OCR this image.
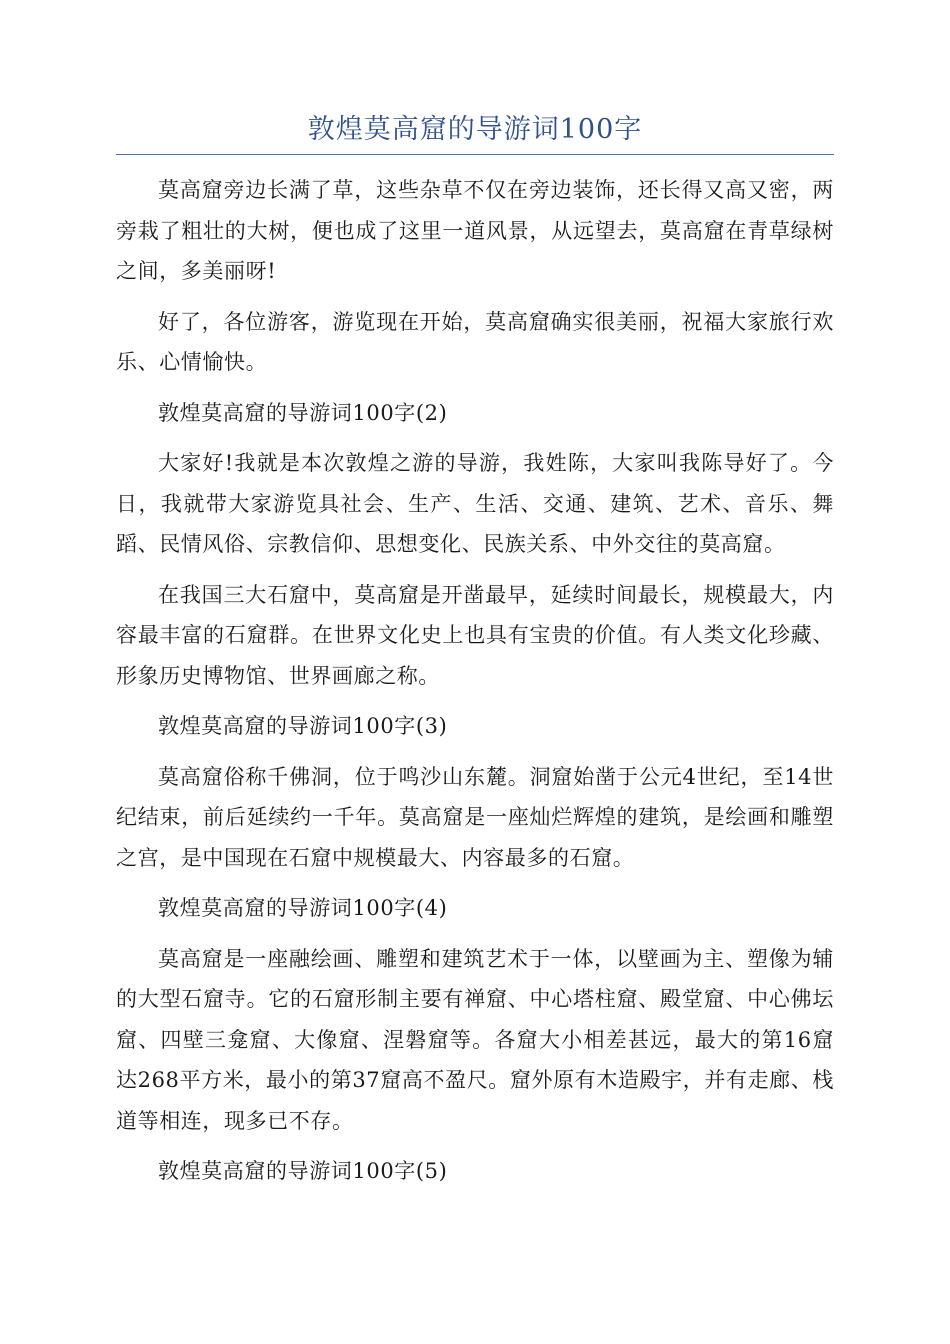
敦煌莫高窟的导游词100字

莫高窟旁边长满了草，这些杂草不仅在旁边装饰，还长得又高又密，两旁栽了粗壮的大树，便也成了这里一道风景，从远望去，莫高窟在青草绿树之间，多美丽呀!

好了，各位游客，游览现在开始，莫高窟确实很美丽，祝福大家旅行欢乐、心情愉快。

敦煌莫高窟的导游词100字(2)

大家好!我就是本次敦煌之游的导游，我姓陈，大家叫我陈导好了。今日，我就带大家游览具社会、生产、生活、交通、建筑、艺术、音乐、舞蹈、民情风俗、宗教信仰、思想变化、民族关系、中外交往的莫高窟。

在我国三大石窟中，莫高窟是开凿最早，延续时间最长，规模最大，内容最丰富的石窟群。在世界文化史上也具有宝贵的价值。有人类文化珍藏、形象历史博物馆、世界画廊之称。

敦煌莫高窟的导游词100字(3)

莫高窟俗称千佛洞，位于鸣沙山东麓。洞窟始凿于公元4世纪，至14世纪结束，前后延续约一千年。莫高窟是一座灿烂辉煌的建筑，是绘画和雕塑之宫，是中国现在石窟中规模最大、内容最多的石窟。

敦煌莫高窟的导游词100字(4)

莫高窟是一座融绘画、雕塑和建筑艺术于一体，以壁画为主、塑像为辅的大型石窟寺。它的石窟形制主要有禅窟、中心塔柱窟、殿堂窟、中心佛坛窟、四壁三龛窟、大像窟、涅磐窟等。各窟大小相差甚远，最大的第16窟达268平方米，最小的第37窟高不盈尺。窟外原有木造殿宇，并有走廊、栈道等相连，现多已不存。

敦煌莫高窟的导游词100字(5)
